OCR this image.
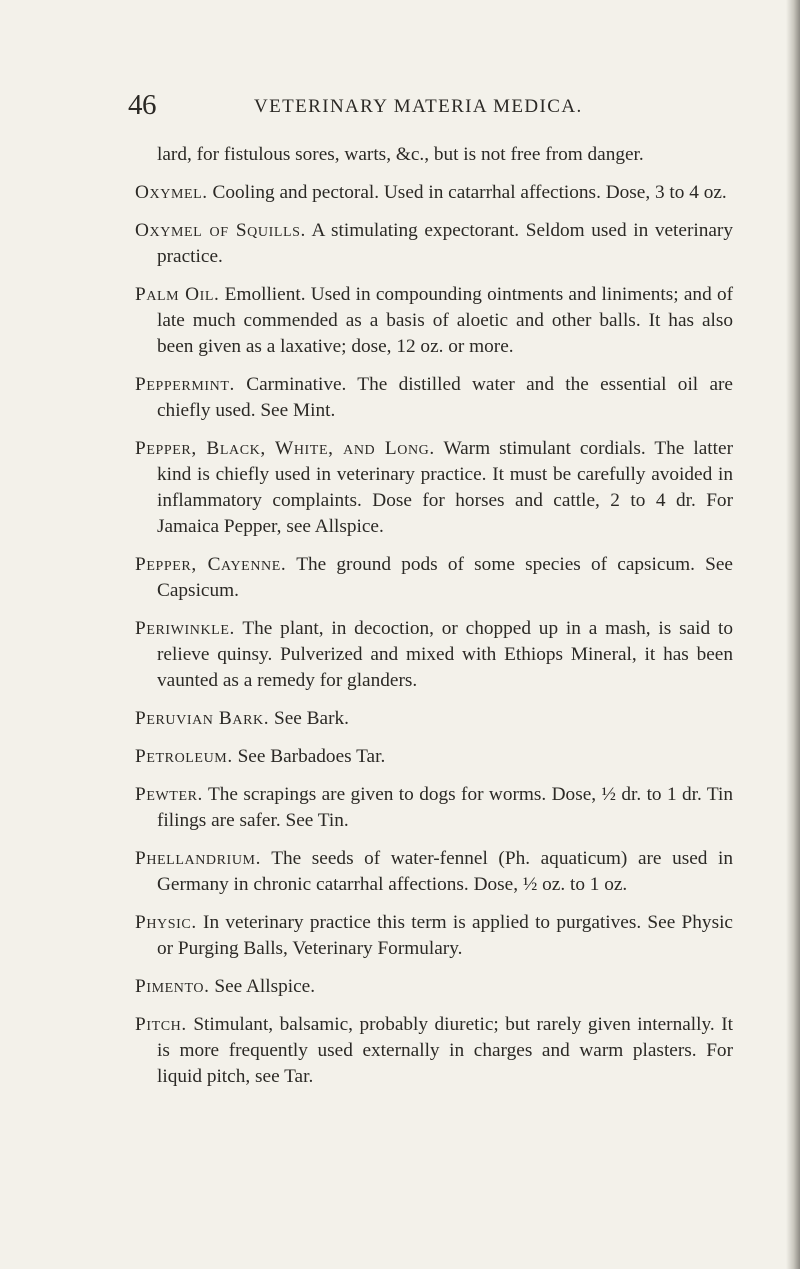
46	VETERINARY MATERIA MEDICA.

lard, for fistulous sores, warts, &c., but is not free from danger.

Oxymel. Cooling and pectoral. Used in catarrhal affections. Dose, 3 to 4 oz.

Oxymel of Squills. A stimulating expectorant. Seldom used in veterinary practice.

Palm Oil. Emollient. Used in compounding ointments and liniments; and of late much commended as a basis of aloetic and other balls. It has also been given as a laxative; dose, 12 oz. or more.

Peppermint. Carminative. The distilled water and the essential oil are chiefly used. See Mint.

Pepper, Black, White, and Long. Warm stimulant cordials. The latter kind is chiefly used in veterinary practice. It must be carefully avoided in inflammatory complaints. Dose for horses and cattle, 2 to 4 dr. For Jamaica Pepper, see Allspice.

Pepper, Cayenne. The ground pods of some species of capsicum. See Capsicum.

Periwinkle. The plant, in decoction, or chopped up in a mash, is said to relieve quinsy. Pulverized and mixed with Ethiops Mineral, it has been vaunted as a remedy for glanders.

Peruvian Bark. See Bark.

Petroleum. See Barbadoes Tar.

Pewter. The scrapings are given to dogs for worms. Dose, ½ dr. to 1 dr. Tin filings are safer. See Tin.

Phellandrium. The seeds of water-fennel (Ph. aquaticum) are used in Germany in chronic catarrhal affections. Dose, ½ oz. to 1 oz.

Physic. In veterinary practice this term is applied to purgatives. See Physic or Purging Balls, Veterinary Formulary.

Pimento. See Allspice.

Pitch. Stimulant, balsamic, probably diuretic; but rarely given internally. It is more frequently used externally in charges and warm plasters. For liquid pitch, see Tar.
